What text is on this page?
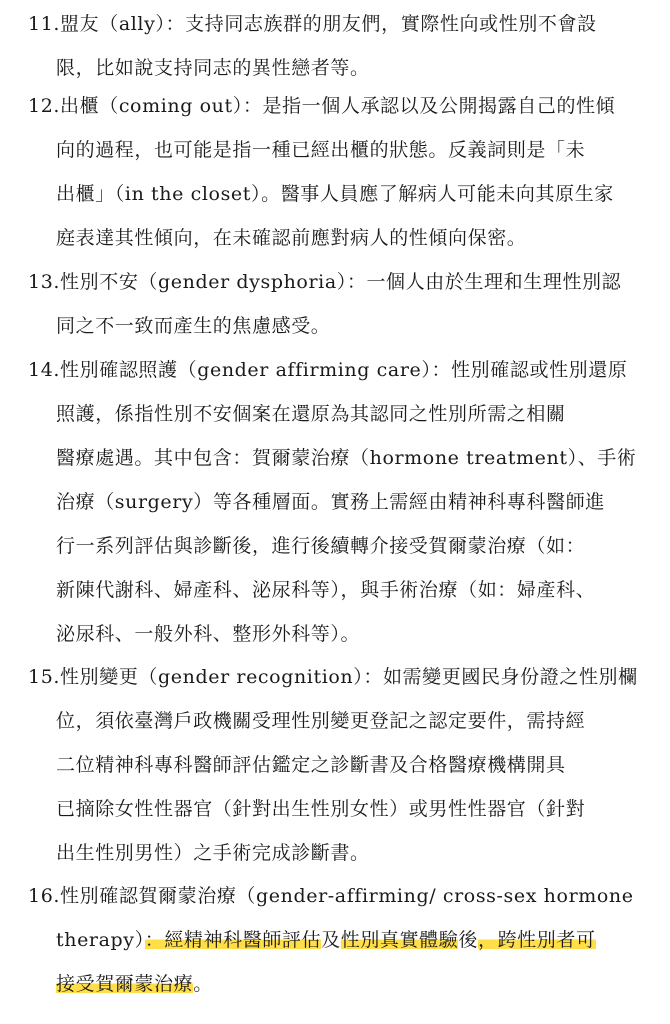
11.盟友（ally）：支持同志族群的朋友們，實際性向或性別不會設
限，比如說支持同志的異性戀者等。
12.出櫃（coming out）：是指一個人承認以及公開揭露自己的性傾
向的過程，也可能是指一種已經出櫃的狀態。反義詞則是「未
出櫃」（in the closet）。醫事人員應了解病人可能未向其原生家
庭表達其性傾向，在未確認前應對病人的性傾向保密。
13.性別不安（gender dysphoria）：一個人由於生理和生理性別認
同之不一致而產生的焦慮感受。
14.性別確認照護（gender affirming care）：性別確認或性別還原
照護，係指性別不安個案在還原為其認同之性別所需之相關
醫療處遇。其中包含：賀爾蒙治療（hormone treatment）、手術
治療（surgery）等各種層面。實務上需經由精神科專科醫師進
行一系列評估與診斷後，進行後續轉介接受賀爾蒙治療（如：
新陳代謝科、婦產科、泌尿科等），與手術治療（如：婦產科、
泌尿科、一般外科、整形外科等）。
15.性別變更（gender recognition）：如需變更國民身份證之性別欄
位，須依臺灣戶政機關受理性別變更登記之認定要件，需持經
二位精神科專科醫師評估鑑定之診斷書及合格醫療機構開具
已摘除女性性器官（針對出生性別女性）或男性性器官（針對
出生性別男性）之手術完成診斷書。
16.性別確認賀爾蒙治療（gender-affirming/ cross-sex hormone
therapy）：經精神科醫師評估及性別真實體驗後，跨性別者可
接受賀爾蒙治療。
